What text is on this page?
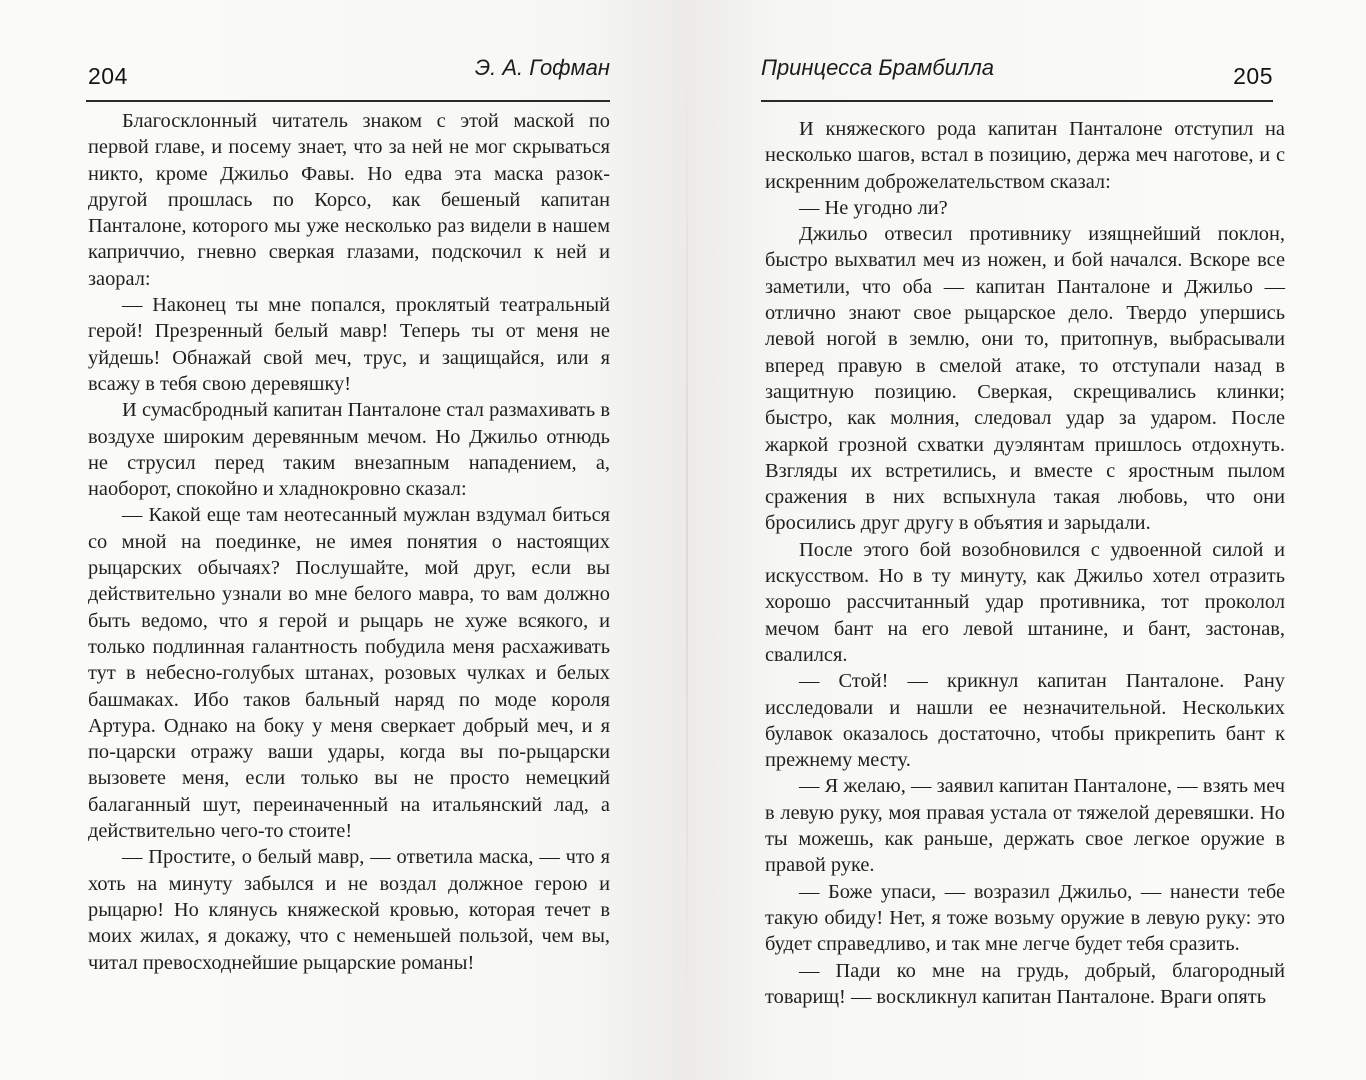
204	Э. А. Гофман

Благосклонный читатель знаком с этой маской по первой главе, и посему знает, что за ней не мог скрываться никто, кроме Джильо Фавы. Но едва эта маска разок-другой прошлась по Корсо, как бешеный капитан Панталоне, которого мы уже несколько раз видели в нашем каприччио, гневно сверкая глазами, подскочил к ней и заорал:

— Наконец ты мне попался, проклятый театральный герой! Презренный белый мавр! Теперь ты от меня не уйдешь! Обнажай свой меч, трус, и защищайся, или я всажу в тебя свою деревяшку!

И сумасбродный капитан Панталоне стал размахивать в воздухе широким деревянным мечом. Но Джильо отнюдь не струсил перед таким внезапным нападением, а, наоборот, спокойно и хладнокровно сказал:

— Какой еще там неотесанный мужлан вздумал биться со мной на поединке, не имея понятия о настоящих рыцарских обычаях? Послушайте, мой друг, если вы действительно узнали во мне белого мавра, то вам должно быть ведомо, что я герой и рыцарь не хуже всякого, и только подлинная галантность побудила меня расхаживать тут в небесно-голубых штанах, розовых чулках и белых башмаках. Ибо таков бальный наряд по моде короля Артура. Однако на боку у меня сверкает добрый меч, и я по-царски отражу ваши удары, когда вы по-рыцарски вызовете меня, если только вы не просто немецкий балаганный шут, переиначенный на итальянский лад, а действительно чего-то стоите!

— Простите, о белый мавр, — ответила маска, — что я хоть на минуту забылся и не воздал должное герою и рыцарю! Но клянусь княжеской кровью, которая течет в моих жилах, я докажу, что с неменьшей пользой, чем вы, читал превосходнейшие рыцарские романы!

Принцесса Брамбилла	205

И княжеского рода капитан Панталоне отступил на несколько шагов, встал в позицию, держа меч наготове, и с искренним доброжелательством сказал:

— Не угодно ли?

Джильо отвесил противнику изящнейший поклон, быстро выхватил меч из ножен, и бой начался. Вскоре все заметили, что оба — капитан Панталоне и Джильо — отлично знают свое рыцарское дело. Твердо упершись левой ногой в землю, они то, притопнув, выбрасывали вперед правую в смелой атаке, то отступали назад в защитную позицию. Сверкая, скрещивались клинки; быстро, как молния, следовал удар за ударом. После жаркой грозной схватки дуэлянтам пришлось отдохнуть. Взгляды их встретились, и вместе с яростным пылом сражения в них вспыхнула такая любовь, что они бросились друг другу в объятия и зарыдали.

После этого бой возобновился с удвоенной силой и искусством. Но в ту минуту, как Джильо хотел отразить хорошо рассчитанный удар противника, тот проколол мечом бант на его левой штанине, и бант, застонав, свалился.

— Стой! — крикнул капитан Панталоне. Рану исследовали и нашли ее незначительной. Нескольких булавок оказалось достаточно, чтобы прикрепить бант к прежнему месту.

— Я желаю, — заявил капитан Панталоне, — взять меч в левую руку, моя правая устала от тяжелой деревяшки. Но ты можешь, как раньше, держать свое легкое оружие в правой руке.

— Боже упаси, — возразил Джильо, — нанести тебе такую обиду! Нет, я тоже возьму оружие в левую руку: это будет справедливо, и так мне легче будет тебя сразить.

— Пади ко мне на грудь, добрый, благородный товарищ! — воскликнул капитан Панталоне. Враги опять
